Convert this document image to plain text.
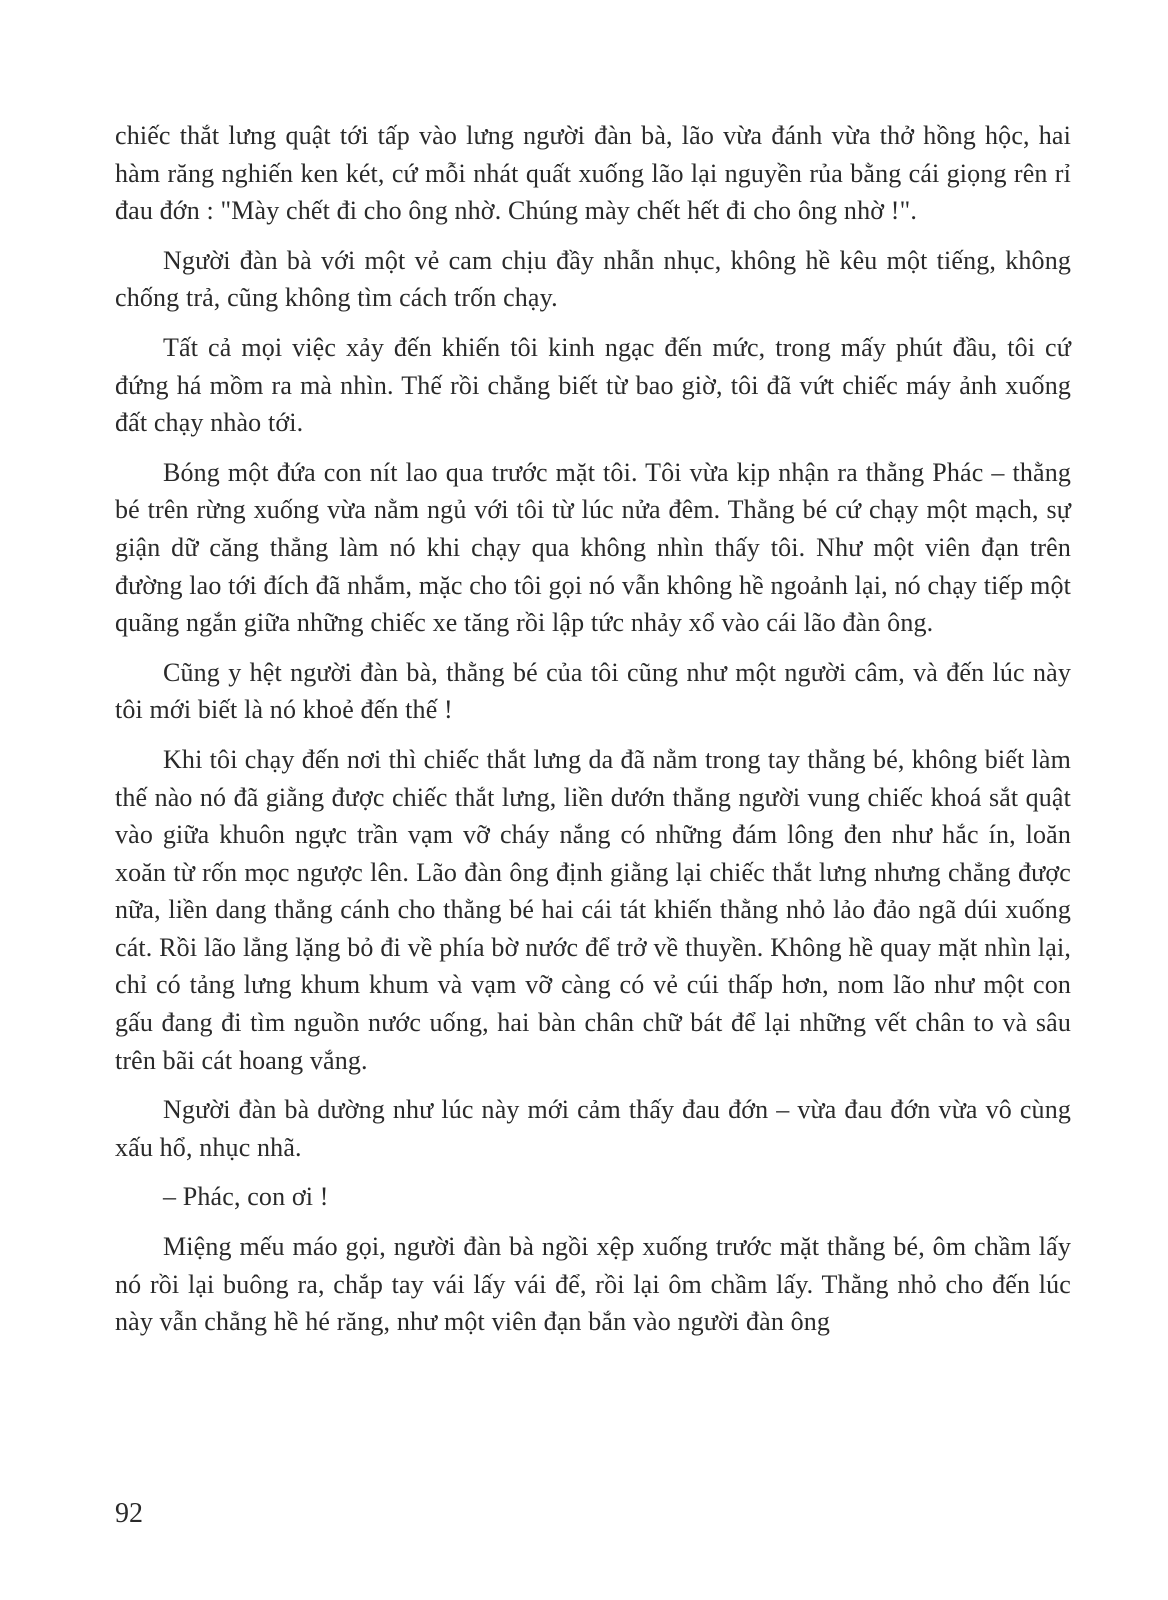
chiếc thắt lưng quật tới tấp vào lưng người đàn bà, lão vừa đánh vừa thở hồng hộc, hai hàm răng nghiến ken két, cứ mỗi nhát quất xuống lão lại nguyền rủa bằng cái giọng rên rỉ đau đớn : "Mày chết đi cho ông nhờ. Chúng mày chết hết đi cho ông nhờ !".

Người đàn bà với một vẻ cam chịu đầy nhẫn nhục, không hề kêu một tiếng, không chống trả, cũng không tìm cách trốn chạy.

Tất cả mọi việc xảy đến khiến tôi kinh ngạc đến mức, trong mấy phút đầu, tôi cứ đứng há mồm ra mà nhìn. Thế rồi chẳng biết từ bao giờ, tôi đã vứt chiếc máy ảnh xuống đất chạy nhào tới.

Bóng một đứa con nít lao qua trước mặt tôi. Tôi vừa kịp nhận ra thằng Phác – thằng bé trên rừng xuống vừa nằm ngủ với tôi từ lúc nửa đêm. Thằng bé cứ chạy một mạch, sự giận dữ căng thẳng làm nó khi chạy qua không nhìn thấy tôi. Như một viên đạn trên đường lao tới đích đã nhắm, mặc cho tôi gọi nó vẫn không hề ngoảnh lại, nó chạy tiếp một quãng ngắn giữa những chiếc xe tăng rồi lập tức nhảy xổ vào cái lão đàn ông.

Cũng y hệt người đàn bà, thằng bé của tôi cũng như một người câm, và đến lúc này tôi mới biết là nó khoẻ đến thế !

Khi tôi chạy đến nơi thì chiếc thắt lưng da đã nằm trong tay thằng bé, không biết làm thế nào nó đã giằng được chiếc thắt lưng, liền dướn thẳng người vung chiếc khoá sắt quật vào giữa khuôn ngực trần vạm vỡ cháy nắng có những đám lông đen như hắc ín, loăn xoăn từ rốn mọc ngược lên. Lão đàn ông định giằng lại chiếc thắt lưng nhưng chẳng được nữa, liền dang thẳng cánh cho thằng bé hai cái tát khiến thằng nhỏ lảo đảo ngã dúi xuống cát. Rồi lão lẳng lặng bỏ đi về phía bờ nước để trở về thuyền. Không hề quay mặt nhìn lại, chỉ có tảng lưng khum khum và vạm vỡ càng có vẻ cúi thấp hơn, nom lão như một con gấu đang đi tìm nguồn nước uống, hai bàn chân chữ bát để lại những vết chân to và sâu trên bãi cát hoang vắng.

Người đàn bà dường như lúc này mới cảm thấy đau đớn – vừa đau đớn vừa vô cùng xấu hổ, nhục nhã.

– Phác, con ơi !

Miệng mếu máo gọi, người đàn bà ngồi xệp xuống trước mặt thằng bé, ôm chầm lấy nó rồi lại buông ra, chắp tay vái lấy vái để, rồi lại ôm chầm lấy. Thằng nhỏ cho đến lúc này vẫn chẳng hề hé răng, như một viên đạn bắn vào người đàn ông

92
